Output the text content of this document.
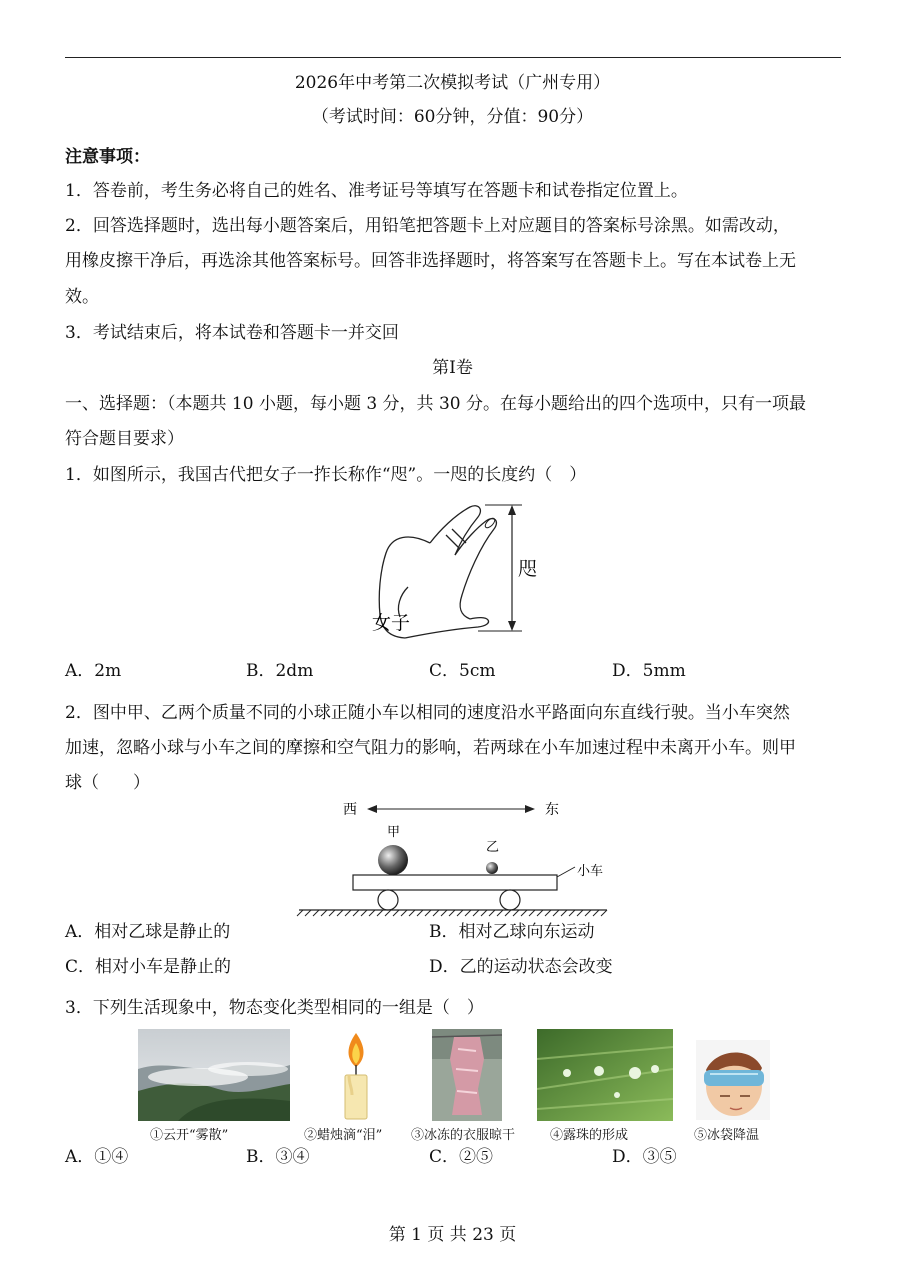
2026年中考第二次模拟考试（广州专用）
（考试时间：60分钟，分值：90分）
注意事项：
1．答卷前，考生务必将自己的姓名、准考证号等填写在答题卡和试卷指定位置上。
2．回答选择题时，选出每小题答案后，用铅笔把答题卡上对应题目的答案标号涂黑。如需改动，
用橡皮擦干净后，再选涂其他答案标号。回答非选择题时，将答案写在答题卡上。写在本试卷上无
效。
3．考试结束后，将本试卷和答题卡一并交回
第Ⅰ卷
一、选择题：（本题共 10 小题，每小题 3 分，共 30 分。在每小题给出的四个选项中，只有一项最
符合题目要求）
1．如图所示，我国古代把女子一拃长称作“咫”。一咫的长度约（　）
咫
女子
A．2m	B．2dm	C．5cm	D．5mm
2．图中甲、乙两个质量不同的小球正随小车以相同的速度沿水平路面向东直线行驶。当小车突然
加速，忽略小球与小车之间的摩擦和空气阻力的影响，若两球在小车加速过程中未离开小车。则甲
球（　　）
西	东
甲
乙
小车
A．相对乙球是静止的	B．相对乙球向东运动
C．相对小车是静止的	D．乙的运动状态会改变
3．下列生活现象中，物态变化类型相同的一组是（　）
①云开“雾散”	②蜡烛滴“泪” ③冰冻的衣服晾干	④露珠的形成	⑤冰袋降温
A．①④	B．③④	C．②⑤	D．③⑤
第 1 页 共 23 页
